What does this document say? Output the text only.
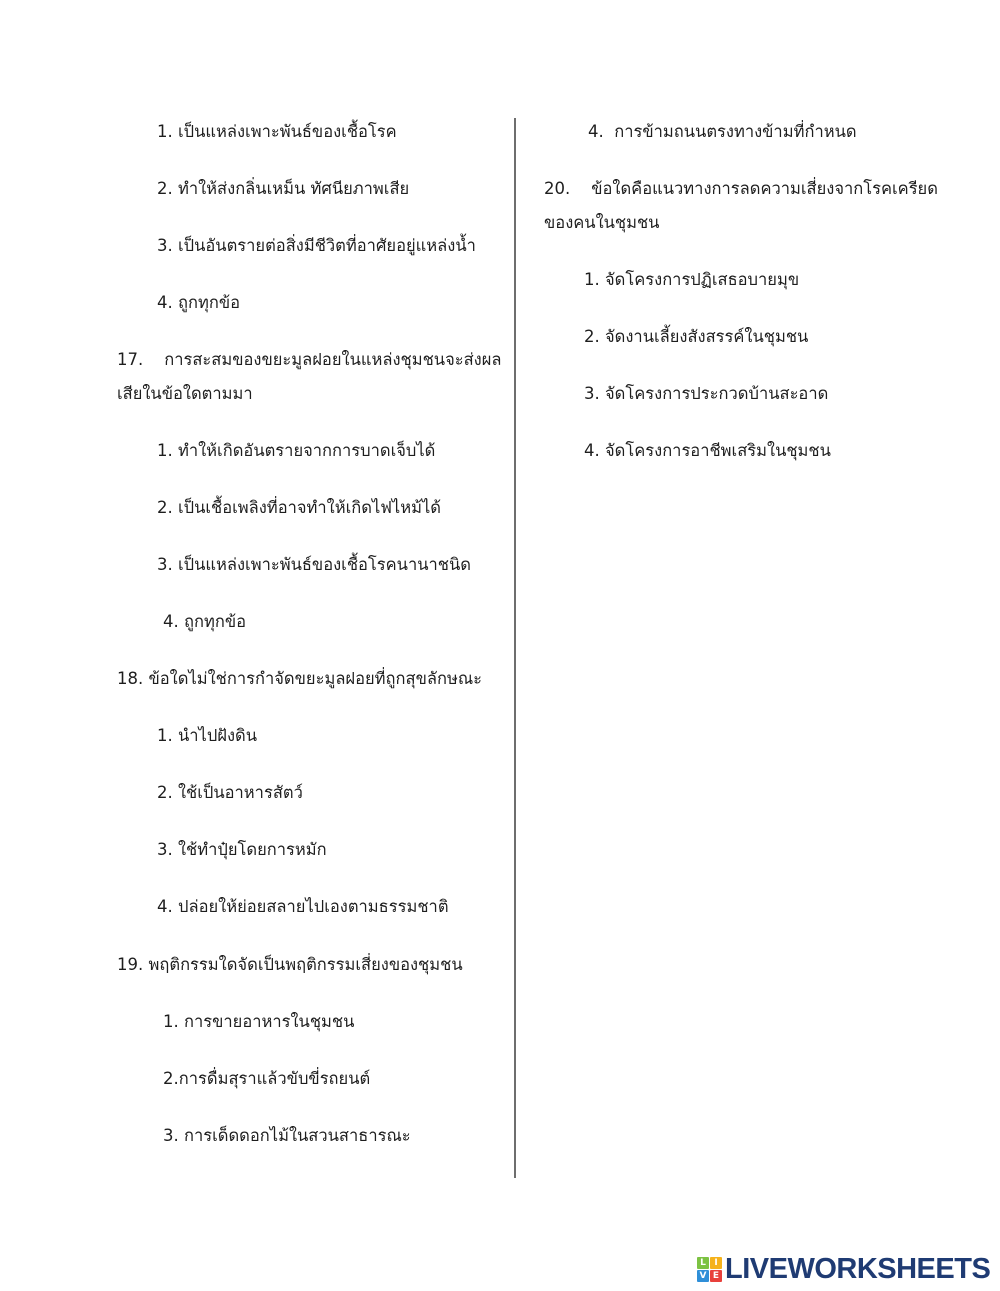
1. เป็นแหล่งเพาะพันธ์ของเชื้อโรค
2. ทำให้ส่งกลิ่นเหม็น ทัศนียภาพเสีย
3. เป็นอันตรายต่อสิ่งมีชีวิตที่อาศัยอยู่แหล่งน้ำ
4. ถูกทุกข้อ
17.    การสะสมของขยะมูลฝอยในแหล่งชุมชนจะส่งผล
เสียในข้อใดตามมา
1. ทำให้เกิดอันตรายจากการบาดเจ็บได้
2. เป็นเชื้อเพลิงที่อาจทำให้เกิดไฟไหม้ได้
3. เป็นแหล่งเพาะพันธ์ของเชื้อโรคนานาชนิด
4. ถูกทุกข้อ
18. ข้อใดไม่ใช่การกำจัดขยะมูลฝอยที่ถูกสุขลักษณะ
1. นำไปฝังดิน
2. ใช้เป็นอาหารสัตว์
3. ใช้ทำปุ๋ยโดยการหมัก
4. ปล่อยให้ย่อยสลายไปเองตามธรรมชาติ
19. พฤติกรรมใดจัดเป็นพฤติกรรมเสี่ยงของชุมชน
1. การขายอาหารในชุมชน
2.การดื่มสุราแล้วขับขี่รถยนต์
3. การเด็ดดอกไม้ในสวนสาธารณะ
4.  การข้ามถนนตรงทางข้ามที่กำหนด
20.    ข้อใดคือแนวทางการลดความเสี่ยงจากโรคเครียด
ของคนในชุมชน
1. จัดโครงการปฏิเสธอบายมุข
2. จัดงานเลี้ยงสังสรรค์ในชุมชน
3. จัดโครงการประกวดบ้านสะอาด
4. จัดโครงการอาชีพเสริมในชุมชน
L I
V E LIVEWORKSHEETS
